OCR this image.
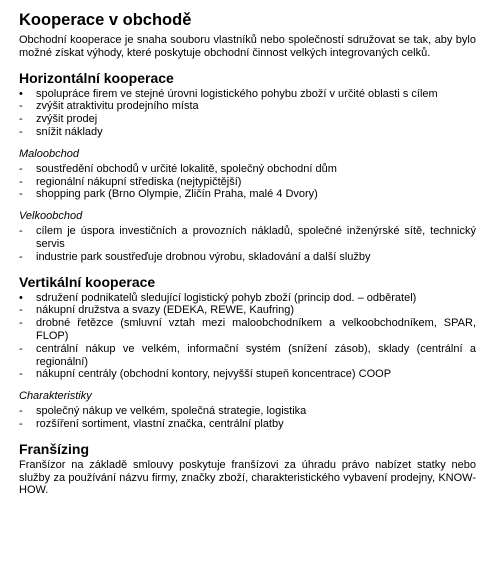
Kooperace v obchodě

Obchodní kooperace je snaha souboru vlastníků nebo společností sdružovat se tak, aby bylo možné získat výhody, které poskytuje obchodní činnost velkých integrovaných celků.

Horizontální kooperace
•	spolupráce firem ve stejné úrovni logistického pohybu zboží v určité oblasti s cílem
-	zvýšit atraktivitu prodejního místa
-	zvýšit prodej
-	snížit náklady
Maloobchod
-	soustředění obchodů v určité lokalitě, společný obchodní dům
-	regionální nákupní střediska (nejtypičtější)
-	shopping park (Brno Olympie, Zličín Praha, malé 4 Dvory)
Velkoobchod
-	cílem je úspora investičních a provozních nákladů, společné inženýrské sítě, technický servis
-	industrie park soustřeďuje drobnou výrobu, skladování a další služby
Vertikální kooperace
•	sdružení podnikatelů sledující logistický pohyb zboží (princip dod. – odběratel)
-	nákupní družstva a svazy (EDEKA, REWE, Kaufring)
-	drobné řetězce (smluvní vztah mezi maloobchodníkem a velkoobchodníkem, SPAR, FLOP)
-	centrální nákup ve velkém, informační systém (snížení zásob), sklady (centrální a regionální)
-	nákupní centrály (obchodní kontory, nejvyšší stupeň koncentrace) COOP
Charakteristiky
-	společný nákup ve velkém, společná strategie, logistika
-	rozšíření sortiment, vlastní značka, centrální platby
Franšízing

Franšízor na základě smlouvy poskytuje franšízovi za úhradu právo nabízet statky nebo služby za používání názvu firmy, značky zboží, charakteristického vybavení prodejny, KNOW-HOW.
